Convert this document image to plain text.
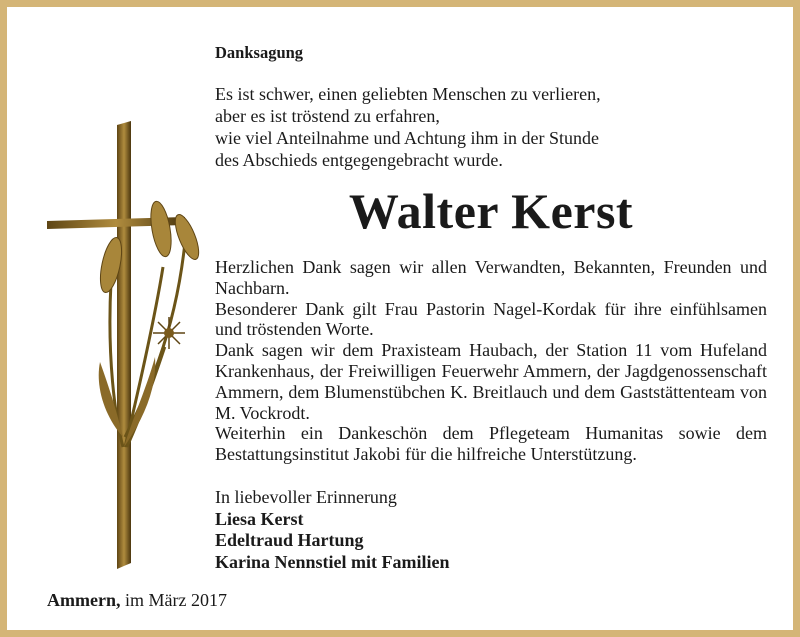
Danksagung
Es ist schwer, einen geliebten Menschen zu verlieren,
aber es ist tröstend zu erfahren,
wie viel Anteilnahme und Achtung ihm in der Stunde
des Abschieds entgegengebracht wurde.
Walter Kerst

Herzlichen Dank sagen wir allen Verwandten, Bekannten, Freunden und Nachbarn.

Besonderer Dank gilt Frau Pastorin Nagel-Kordak für ihre einfühlsamen und tröstenden Worte.

Dank sagen wir dem Praxisteam Haubach, der Station 11 vom Hufeland Krankenhaus, der Freiwilligen Feuerwehr Ammern, der Jagdgenossenschaft Ammern, dem Blumenstübchen K. Breitlauch und dem Gaststättenteam von M. Vockrodt.

Weiterhin ein Dankeschön dem Pflegeteam Humanitas sowie dem Bestattungsinstitut Jakobi für die hilfreiche Unterstützung.

In liebevoller Erinnerung
Liesa Kerst
Edeltraud Hartung
Karina Nennstiel mit Familien
Ammern, im März 2017
